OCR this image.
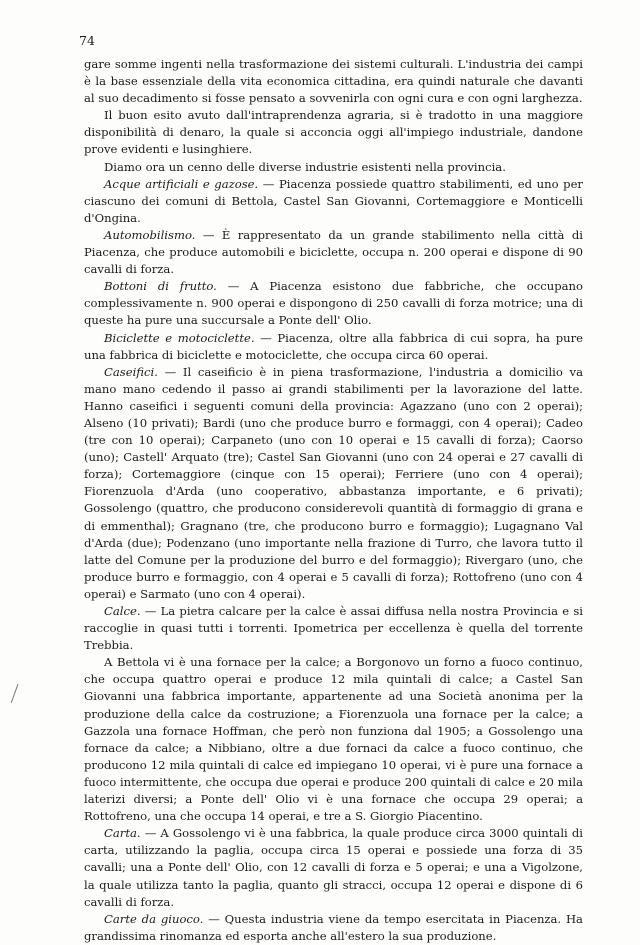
74

gare somme ingenti nella trasformazione dei sistemi culturali. L'industria dei campi è la base essenziale della vita economica cittadina, era quindi naturale che davanti al suo decadimento si fosse pensato a sovvenirla con ogni cura e con ogni larghezza.

Il buon esito avuto dall'intraprendenza agraria, si è tradotto in una maggiore disponibilità di denaro, la quale si acconcia oggi all'impiego industriale, dandone prove evidenti e lusinghiere.

Diamo ora un cenno delle diverse industrie esistenti nella provincia.

Acque artificiali e gazose. — Piacenza possiede quattro stabilimenti, ed uno per ciascuno dei comuni di Bettola, Castel San Giovanni, Cortemaggiore e Monticelli d'Ongina.

Automobilismo. — È rappresentato da un grande stabilimento nella città di Piacenza, che produce automobili e biciclette, occupa n. 200 operai e dispone di 90 cavalli di forza.

Bottoni di frutto. — A Piacenza esistono due fabbriche, che occupano complessivamente n. 900 operai e dispongono di 250 cavalli di forza motrice; una di queste ha pure una succursale a Ponte dell' Olio.

Biciclette e motociclette. — Piacenza, oltre alla fabbrica di cui sopra, ha pure una fabbrica di biciclette e motociclette, che occupa circa 60 operai.

Caseifici. — Il caseificio è in piena trasformazione, l'industria a domicilio va mano mano cedendo il passo ai grandi stabilimenti per la lavorazione del latte. Hanno caseifici i seguenti comuni della provincia: Agazzano (uno con 2 operai); Alseno (10 privati); Bardi (uno che produce burro e formaggi, con 4 operai); Cadeo (tre con 10 operai); Carpaneto (uno con 10 operai e 15 cavalli di forza); Caorso (uno); Castell' Arquato (tre); Castel San Giovanni (uno con 24 operai e 27 cavalli di forza); Cortemaggiore (cinque con 15 operai); Ferriere (uno con 4 operai); Fiorenzuola d'Arda (uno cooperativo, abbastanza importante, e 6 privati); Gossolengo (quattro, che producono considerevoli quantità di formaggio di grana e di emmenthal); Gragnano (tre, che producono burro e formaggio); Lugagnano Val d'Arda (due); Podenzano (uno importante nella frazione di Turro, che lavora tutto il latte del Comune per la produzione del burro e del formaggio); Rivergaro (uno, che produce burro e formaggio, con 4 operai e 5 cavalli di forza); Rottofreno (uno con 4 operai) e Sarmato (uno con 4 operai).

Calce. — La pietra calcare per la calce è assai diffusa nella nostra Provincia e si raccoglie in quasi tutti i torrenti. Ipometrica per eccellenza è quella del torrente Trebbia.

A Bettola vi è una fornace per la calce; a Borgonovo un forno a fuoco continuo, che occupa quattro operai e produce 12 mila quintali di calce; a Castel San Giovanni una fabbrica importante, appartenente ad una Società anonima per la produzione della calce da costruzione; a Fiorenzuola una fornace per la calce; a Gazzola una fornace Hoffman, che però non funziona dal 1905; a Gossolengo una fornace da calce; a Nibbiano, oltre a due fornaci da calce a fuoco continuo, che producono 12 mila quintali di calce ed impiegano 10 operai, vi è pure una fornace a fuoco intermittente, che occupa due operai e produce 200 quintali di calce e 20 mila laterizi diversi; a Ponte dell' Olio vi è una fornace che occupa 29 operai; a Rottofreno, una che occupa 14 operai, e tre a S. Giorgio Piacentino.

Carta. — A Gossolengo vi è una fabbrica, la quale produce circa 3000 quintali di carta, utilizzando la paglia, occupa circa 15 operai e possiede una forza di 35 cavalli; una a Ponte dell' Olio, con 12 cavalli di forza e 5 operai; e una a Vigolzone, la quale utilizza tanto la paglia, quanto gli stracci, occupa 12 operai e dispone di 6 cavalli di forza.

Carte da giuoco. — Questa industria viene da tempo esercitata in Piacenza. Ha grandissima rinomanza ed esporta anche all'estero la sua produzione.
